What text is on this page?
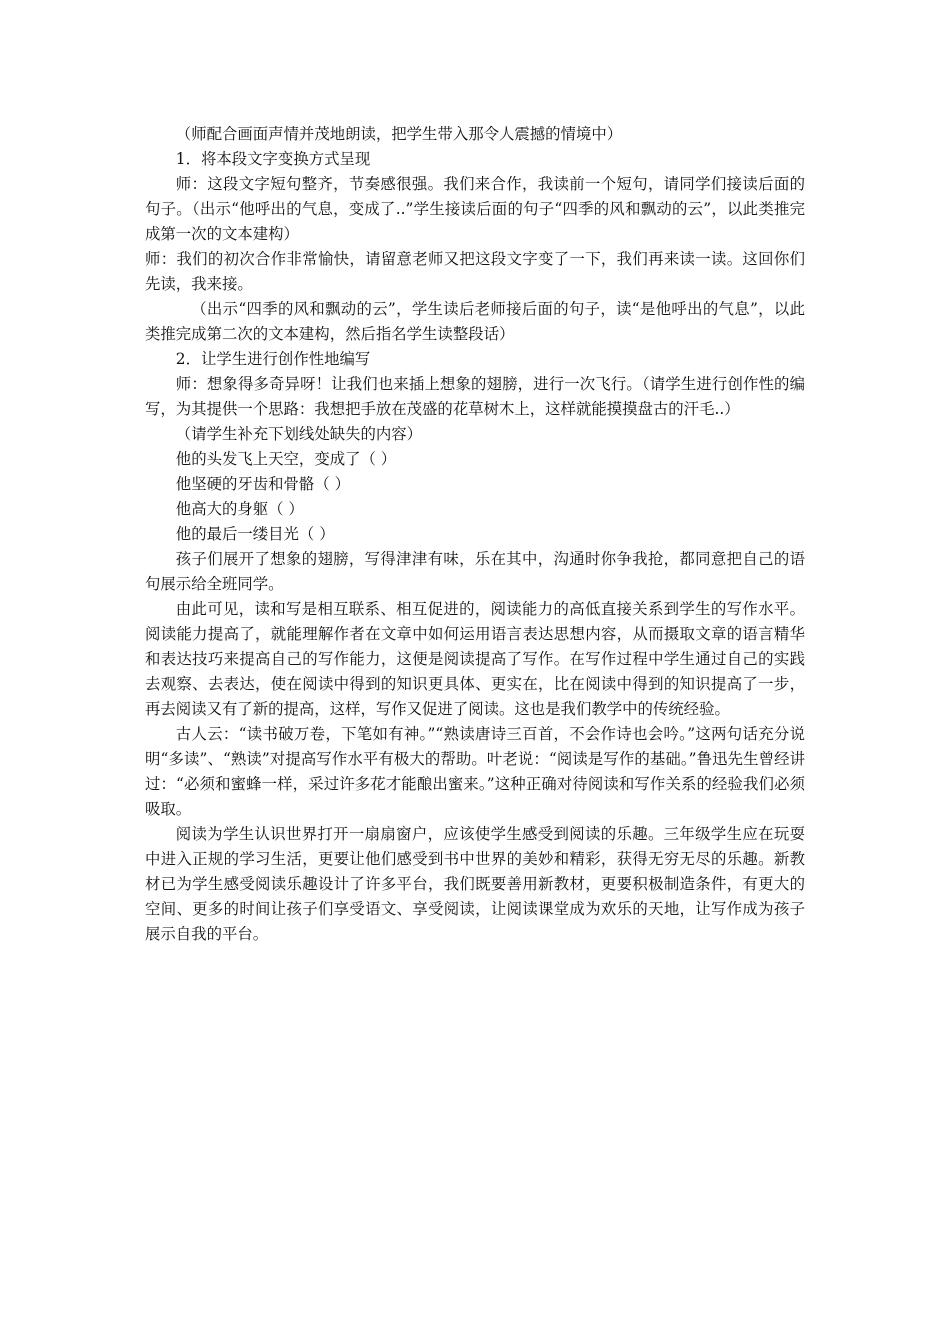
（师配合画面声情并茂地朗读，把学生带入那令人震撼的情境中）

1．将本段文字变换方式呈现

师：这段文字短句整齐，节奏感很强。我们来合作，我读前一个短句，请同学们接读后面的句子。（出示“他呼出的气息，变成了..”学生接读后面的句子“四季的风和飘动的云”，以此类推完成第一次的文本建构）

师：我们的初次合作非常愉快，请留意老师又把这段文字变了一下，我们再来读一读。这回你们先读，我来接。

（出示“四季的风和飘动的云”，学生读后老师接后面的句子，读“是他呼出的气息”，以此类推完成第二次的文本建构，然后指名学生读整段话）

2．让学生进行创作性地编写

师：想象得多奇异呀！让我们也来插上想象的翅膀，进行一次飞行。（请学生进行创作性的编写，为其提供一个思路：我想把手放在茂盛的花草树木上，这样就能摸摸盘古的汗毛..）

（请学生补充下划线处缺失的内容）

他的头发飞上天空，变成了（ ）

他坚硬的牙齿和骨骼（ ）

他高大的身躯（ ）

他的最后一缕目光（ ）

孩子们展开了想象的翅膀，写得津津有味，乐在其中，沟通时你争我抢，都同意把自己的语句展示给全班同学。

由此可见，读和写是相互联系、相互促进的，阅读能力的高低直接关系到学生的写作水平。阅读能力提高了，就能理解作者在文章中如何运用语言表达思想内容，从而摄取文章的语言精华和表达技巧来提高自己的写作能力，这便是阅读提高了写作。在写作过程中学生通过自己的实践去观察、去表达，使在阅读中得到的知识更具体、更实在，比在阅读中得到的知识提高了一步，再去阅读又有了新的提高，这样，写作又促进了阅读。这也是我们教学中的传统经验。

古人云：“读书破万卷，下笔如有神。”“熟读唐诗三百首，不会作诗也会吟。”这两句话充分说明“多读”、“熟读”对提高写作水平有极大的帮助。叶老说：“阅读是写作的基础。”鲁迅先生曾经讲过：“必须和蜜蜂一样，采过许多花才能酿出蜜来。”这种正确对待阅读和写作关系的经验我们必须吸取。

阅读为学生认识世界打开一扇扇窗户，应该使学生感受到阅读的乐趣。三年级学生应在玩耍中进入正规的学习生活，更要让他们感受到书中世界的美妙和精彩，获得无穷无尽的乐趣。新教材已为学生感受阅读乐趣设计了许多平台，我们既要善用新教材，更要积极制造条件，有更大的空间、更多的时间让孩子们享受语文、享受阅读，让阅读课堂成为欢乐的天地，让写作成为孩子展示自我的平台。
